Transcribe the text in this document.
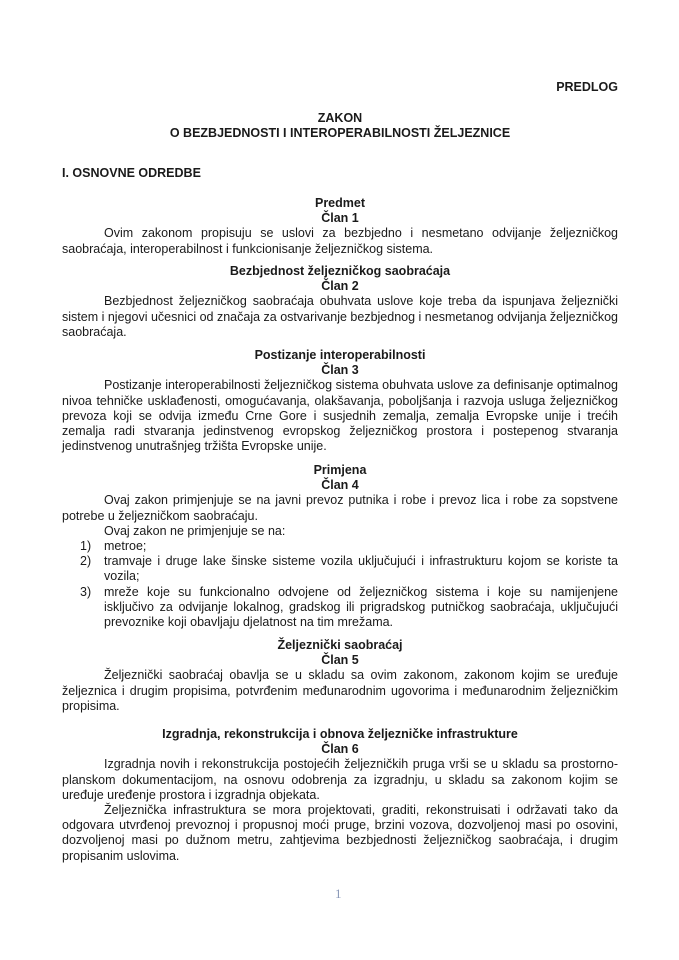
PREDLOG
ZAKON
O BEZBJEDNOSTI I INTEROPERABILNOSTI ŽELJEZNICE
I. OSNOVNE ODREDBE
Predmet
Član 1

Ovim zakonom propisuju se uslovi za bezbjedno i nesmetano odvijanje željezničkog saobraćaja, interoperabilnost i funkcionisanje željezničkog sistema.

Bezbjednost željezničkog saobraćaja
Član 2

Bezbjednost željezničkog saobraćaja obuhvata uslove koje treba da ispunjava željeznički sistem i njegovi učesnici od značaja za ostvarivanje bezbjednog i nesmetanog odvijanja željezničkog saobraćaja.

Postizanje interoperabilnosti
Član 3

Postizanje interoperabilnosti željezničkog sistema obuhvata uslove za definisanje optimalnog nivoa tehničke usklađenosti, omogućavanja, olakšavanja, poboljšanja i razvoja usluga željezničkog prevoza koji se odvija između Crne Gore i susjednih zemalja, zemalja Evropske unije i trećih zemalja radi stvaranja jedinstvenog evropskog željezničkog prostora i postepenog stvaranja jedinstvenog unutrašnjeg tržišta Evropske unije.

Primjena
Član 4

Ovaj zakon primjenjuje se na javni prevoz putnika i robe i prevoz lica i robe za sopstvene potrebe u željezničkom saobraćaju.

Ovaj zakon ne primjenjuje se na:

1) metroe;
2) tramvaje i druge lake šinske sisteme vozila uključujući i infrastrukturu kojom se koriste ta vozila;
3) mreže koje su funkcionalno odvojene od željezničkog sistema i koje su namijenjene isključivo za odvijanje lokalnog, gradskog ili prigradskog putničkog saobraćaja, uključujući prevoznike koji obavljaju djelatnost na tim mrežama.
Željeznički saobraćaj
Član 5

Željeznički saobraćaj obavlja se u skladu sa ovim zakonom, zakonom kojim se uređuje željeznica i drugim propisima, potvrđenim međunarodnim ugovorima i međunarodnim željezničkim propisima.

Izgradnja, rekonstrukcija i obnova željezničke infrastrukture
Član 6

Izgradnja novih i rekonstrukcija postojećih željezničkih pruga vrši se u skladu sa prostorno-planskom dokumentacijom, na osnovu odobrenja za izgradnju, u skladu sa zakonom kojim se uređuje uređenje prostora i izgradnja objekata.

Željeznička infrastruktura se mora projektovati, graditi, rekonstruisati i održavati tako da odgovara utvrđenoj prevoznoj i propusnoj moći pruge, brzini vozova, dozvoljenoj masi po osovini, dozvoljenoj masi po dužnom metru, zahtjevima bezbjednosti željezničkog saobraćaja, i drugim propisanim uslovima.

1
